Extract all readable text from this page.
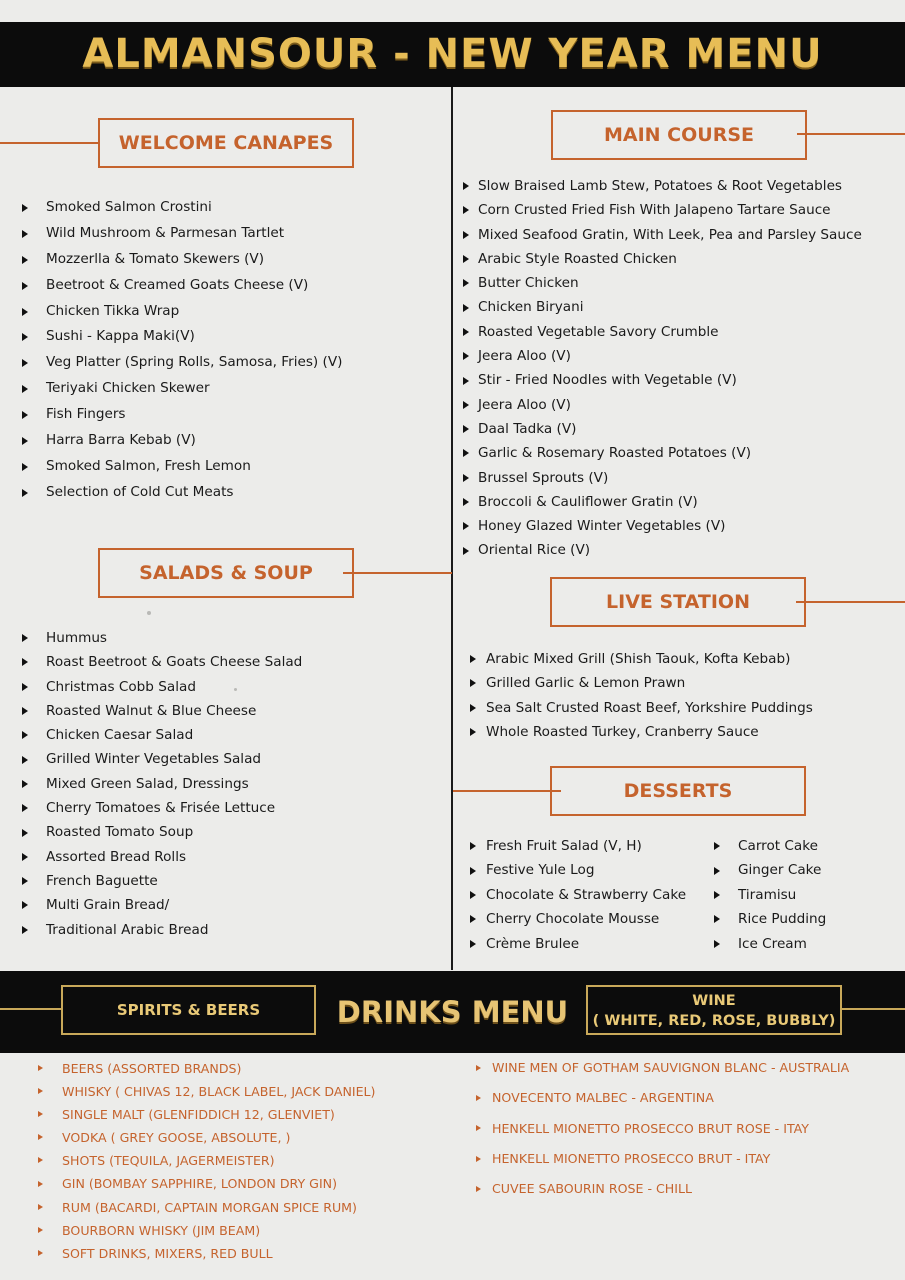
ALMANSOUR - NEW YEAR MENU
WELCOME CANAPES
Smoked Salmon Crostini
Wild Mushroom & Parmesan Tartlet
Mozzerlla & Tomato Skewers (V)
Beetroot & Creamed Goats Cheese (V)
Chicken Tikka Wrap
Sushi - Kappa Maki(V)
Veg Platter (Spring Rolls, Samosa, Fries) (V)
Teriyaki Chicken Skewer
Fish Fingers
Harra Barra Kebab (V)
Smoked Salmon, Fresh Lemon
Selection of Cold Cut Meats
SALADS & SOUP
Hummus
Roast Beetroot & Goats Cheese Salad
Christmas Cobb Salad
Roasted Walnut & Blue Cheese
Chicken Caesar Salad
Grilled Winter Vegetables Salad
Mixed Green Salad, Dressings
Cherry Tomatoes & Frisée Lettuce
Roasted Tomato Soup
Assorted Bread Rolls
French Baguette
Multi Grain Bread/
Traditional Arabic Bread
MAIN COURSE
Slow Braised Lamb Stew, Potatoes & Root Vegetables
Corn Crusted Fried Fish With Jalapeno Tartare Sauce
Mixed Seafood Gratin, With Leek, Pea and Parsley Sauce
Arabic Style Roasted Chicken
Butter Chicken
Chicken Biryani
Roasted Vegetable Savory Crumble
Jeera Aloo (V)
Stir - Fried Noodles with Vegetable (V)
Jeera Aloo (V)
Daal Tadka (V)
Garlic & Rosemary Roasted Potatoes (V)
Brussel Sprouts (V)
Broccoli & Cauliflower Gratin (V)
Honey Glazed Winter Vegetables (V)
Oriental Rice (V)
LIVE STATION
Arabic Mixed Grill (Shish Taouk, Kofta Kebab)
Grilled Garlic & Lemon Prawn
Sea Salt Crusted Roast Beef, Yorkshire Puddings
Whole Roasted Turkey, Cranberry Sauce
DESSERTS
Fresh Fruit Salad (V, H)
Festive Yule Log
Chocolate & Strawberry Cake
Cherry Chocolate Mousse
Crème Brulee
Carrot Cake
Ginger Cake
Tiramisu
Rice Pudding
Ice Cream
SPIRITS & BEERS	DRINKS MENU	WINE
( WHITE, RED, ROSE, BUBBLY)
BEERS (ASSORTED BRANDS)
WHISKY ( CHIVAS 12, BLACK LABEL, JACK DANIEL)
SINGLE MALT (GLENFIDDICH 12, GLENVIET)
VODKA ( GREY GOOSE, ABSOLUTE, )
SHOTS (TEQUILA, JAGERMEISTER)
GIN (BOMBAY SAPPHIRE, LONDON DRY GIN)
RUM (BACARDI, CAPTAIN MORGAN SPICE RUM)
BOURBORN WHISKY (JIM BEAM)
SOFT DRINKS, MIXERS, RED BULL
WINE MEN OF GOTHAM SAUVIGNON BLANC - AUSTRALIA
NOVECENTO MALBEC - ARGENTINA
HENKELL MIONETTO PROSECCO BRUT ROSE - ITAY
HENKELL MIONETTO PROSECCO BRUT - ITAY
CUVEE SABOURIN ROSE - CHILL
